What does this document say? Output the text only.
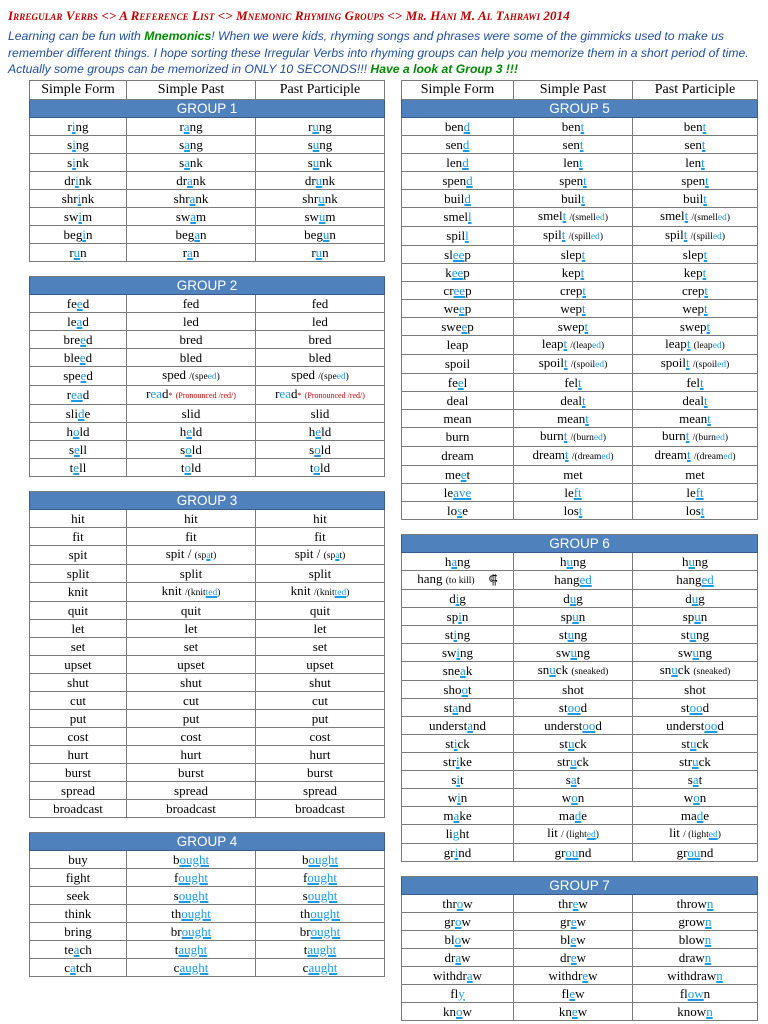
Irregular Verbs <> A Reference List <> Mnemonic Rhyming Groups <> Mr. Hani M. Al Tahrawi 2014
Learning can be fun with Mnemonics! When we were kids, rhyming songs and phrases were some of the gimmicks used to make us remember different things. I hope sorting these Irregular Verbs into rhyming groups can help you memorize them in a short period of time. Actually some groups can be memorized in ONLY 10 SECONDS!!! Have a look at Group 3 !!!
Simple Form	Simple Past	Past Participle
GROUP 1		
ring	rang	rung
sing	sang	sung
sink	sank	sunk
drink	drank	drunk
shrink	shrank	shrunk
swim	swam	swum
begin	began	begun
run	ran	run

GROUP 2		
feed	fed	fed
lead	led	led
breed	bred	bred
bleed	bled	bled
speed	sped /(speed)	sped /(speed)
read	read* (Pronounced /red/)	read* (Pronounced /red/)
slide	slid	slid
hold	held	held
sell	sold	sold
tell	told	told

GROUP 3		
hit	hit	hit
fit	fit	fit
spit	spit / (spat)	spit / (spat)
split	split	split
knit	knit /(knitted)	knit /(knitted)
quit	quit	quit
let	let	let
set	set	set
upset	upset	upset
shut	shut	shut
cut	cut	cut
put	put	put
cost	cost	cost
hurt	hurt	hurt
burst	burst	burst
spread	spread	spread
broadcast	broadcast	broadcast

GROUP 4		
buy	bought	bought
fight	fought	fought
seek	sought	sought
think	thought	thought
bring	brought	brought
teach	taught	taught
catch	caught	caught
Simple Form	Simple Past	Past Participle
GROUP 5		
bend	bent	bent
send	sent	sent
lend	lent	lent
spend	spent	spent
build	built	built
smell	smelt /(smelled)	smelt /(smelled)
spill	spilt /(spilled)	spilt /(spilled)
sleep	slept	slept
keep	kept	kept
creep	crept	crept
weep	wept	wept
sweep	swept	swept
leap	leapt /(leaped)	leapt (leaped)
spoil	spoilt /(spoiled)	spoilt /(spoiled)
feel	felt	felt
deal	dealt	dealt
mean	meant	meant
burn	burnt /(burned)	burnt /(burned)
dream	dreamt /(dreamed)	dreamt /(dreamed)
meet	met	met
leave	left	left
lose	lost	lost

GROUP 6		
hang	hung	hung
hang (to kill) ⸿	hanged	hanged
dig	dug	dug
spin	spun	spun
sting	stung	stung
swing	swung	swung
sneak	snuck (sneaked)	snuck (sneaked)
shoot	shot	shot
stand	stood	stood
understand	understood	understood
stick	stuck	stuck
strike	struck	struck
sit	sat	sat
win	won	won
make	made	made
light	lit / (lighted)	lit / (lighted)
grind	ground	ground

GROUP 7		
throw	threw	thrown
grow	grew	grown
blow	blew	blown
draw	drew	drawn
withdraw	withdrew	withdrawn
fly	flew	flown
know	knew	known
